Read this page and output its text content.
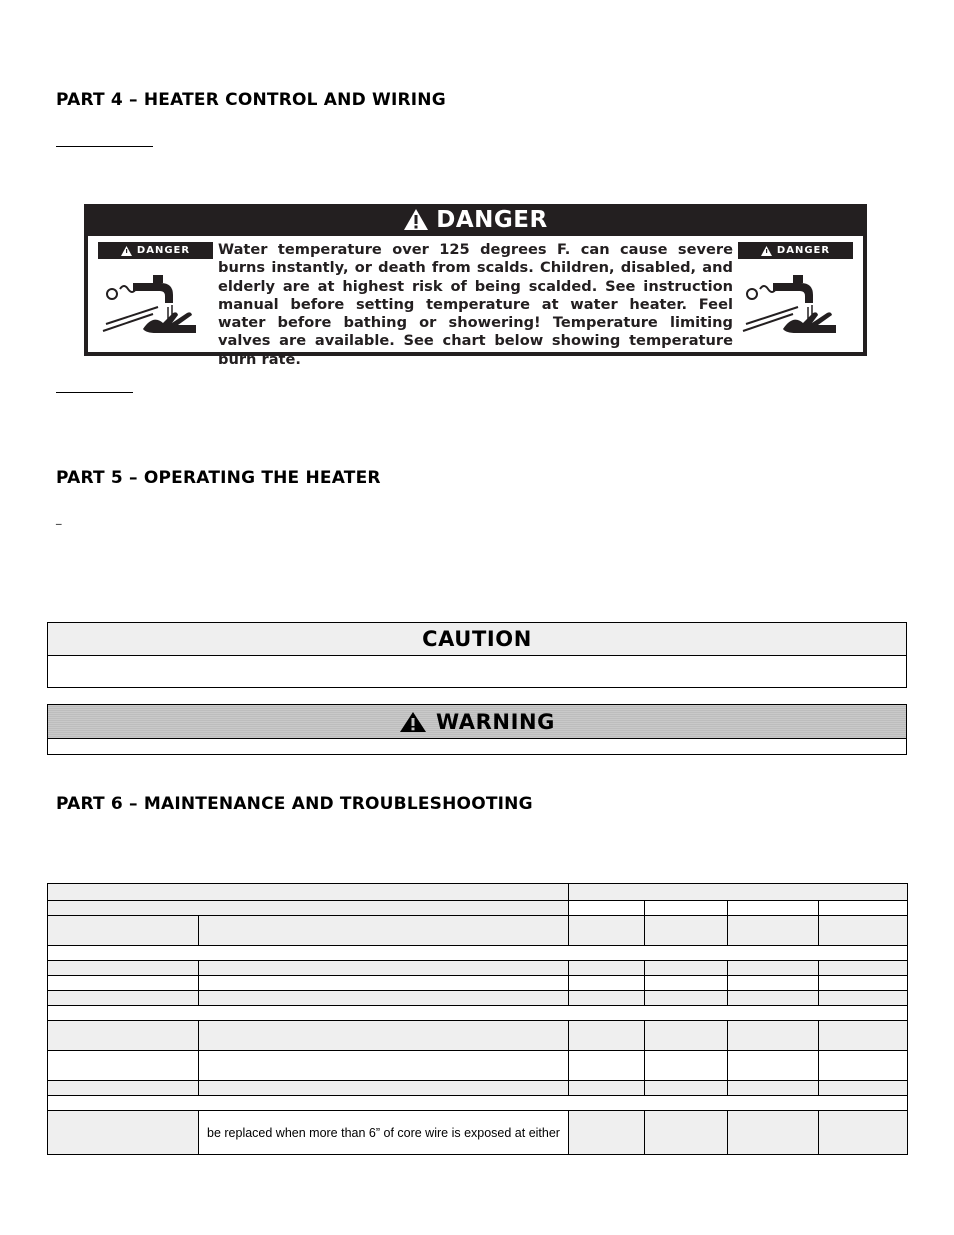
PART 4 – HEATER CONTROL AND WIRING
DANGER
DANGER
BURN
Water temperature over 125 degrees F. can cause severe burns instantly, or death from scalds. Children, disabled, and elderly are at highest risk of being scalded. See instruction manual before setting temperature at water heater. Feel water before bathing or showering! Temperature limiting valves are available. See chart below showing temperature burn rate.
DANGER
BURN
PART 5 – OPERATING THE HEATER
_
CAUTION
WARNING
PART 6 – MAINTENANCE AND TROUBLESHOOTING

	be replaced when more than 6” of core wire is exposed at either				
